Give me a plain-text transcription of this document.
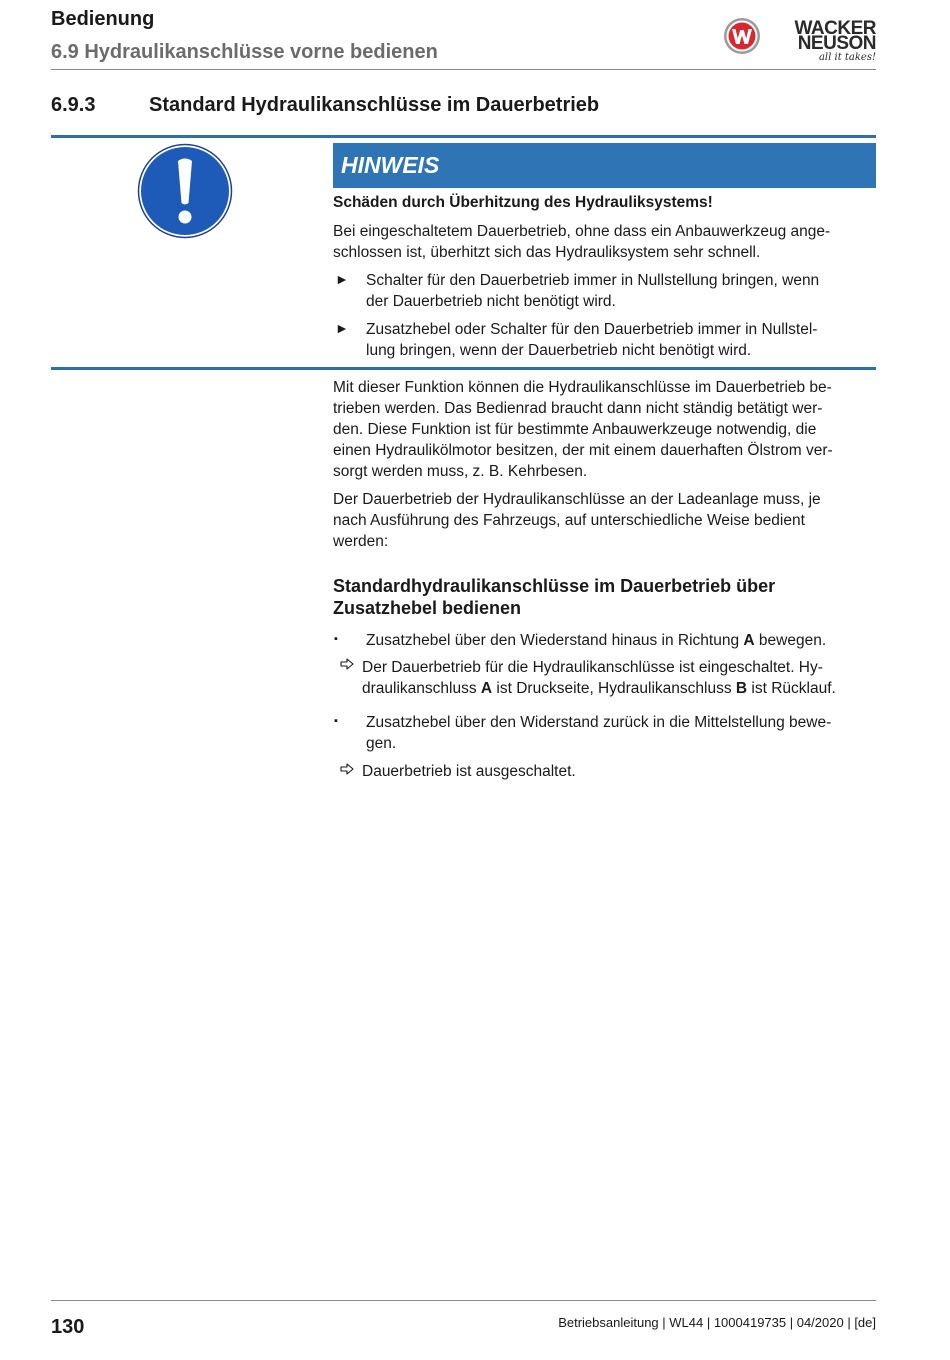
Bedienung
6.9 Hydraulikanschlüsse vorne bedienen
WACKER
NEUSON
all it takes!
6.9.3	Standard Hydraulikanschlüsse im Dauerbetrieb
HINWEIS
Schäden durch Überhitzung des Hydrauliksystems!
Bei eingeschaltetem Dauerbetrieb, ohne dass ein Anbauwerkzeug ange-
schlossen ist, überhitzt sich das Hydrauliksystem sehr schnell.
► Schalter für den Dauerbetrieb immer in Nullstellung bringen, wenn
der Dauerbetrieb nicht benötigt wird.
► Zusatzhebel oder Schalter für den Dauerbetrieb immer in Nullstel-
lung bringen, wenn der Dauerbetrieb nicht benötigt wird.
Mit dieser Funktion können die Hydraulikanschlüsse im Dauerbetrieb be-
trieben werden. Das Bedienrad braucht dann nicht ständig betätigt wer-
den. Diese Funktion ist für bestimmte Anbauwerkzeuge notwendig, die
einen Hydraulikölmotor besitzen, der mit einem dauerhaften Ölstrom ver-
sorgt werden muss, z. B. Kehrbesen.
Der Dauerbetrieb der Hydraulikanschlüsse an der Ladeanlage muss, je
nach Ausführung des Fahrzeugs, auf unterschiedliche Weise bedient
werden:
Standardhydraulikanschlüsse im Dauerbetrieb über
Zusatzhebel bedienen
▪ Zusatzhebel über den Wiederstand hinaus in Richtung A bewegen.
Der Dauerbetrieb für die Hydraulikanschlüsse ist eingeschaltet. Hy-
draulikanschluss A ist Druckseite, Hydraulikanschluss B ist Rücklauf.
▪ Zusatzhebel über den Widerstand zurück in die Mittelstellung bewe-
gen.
Dauerbetrieb ist ausgeschaltet.
130	Betriebsanleitung | WL44 | 1000419735 | 04/2020 | [de]
